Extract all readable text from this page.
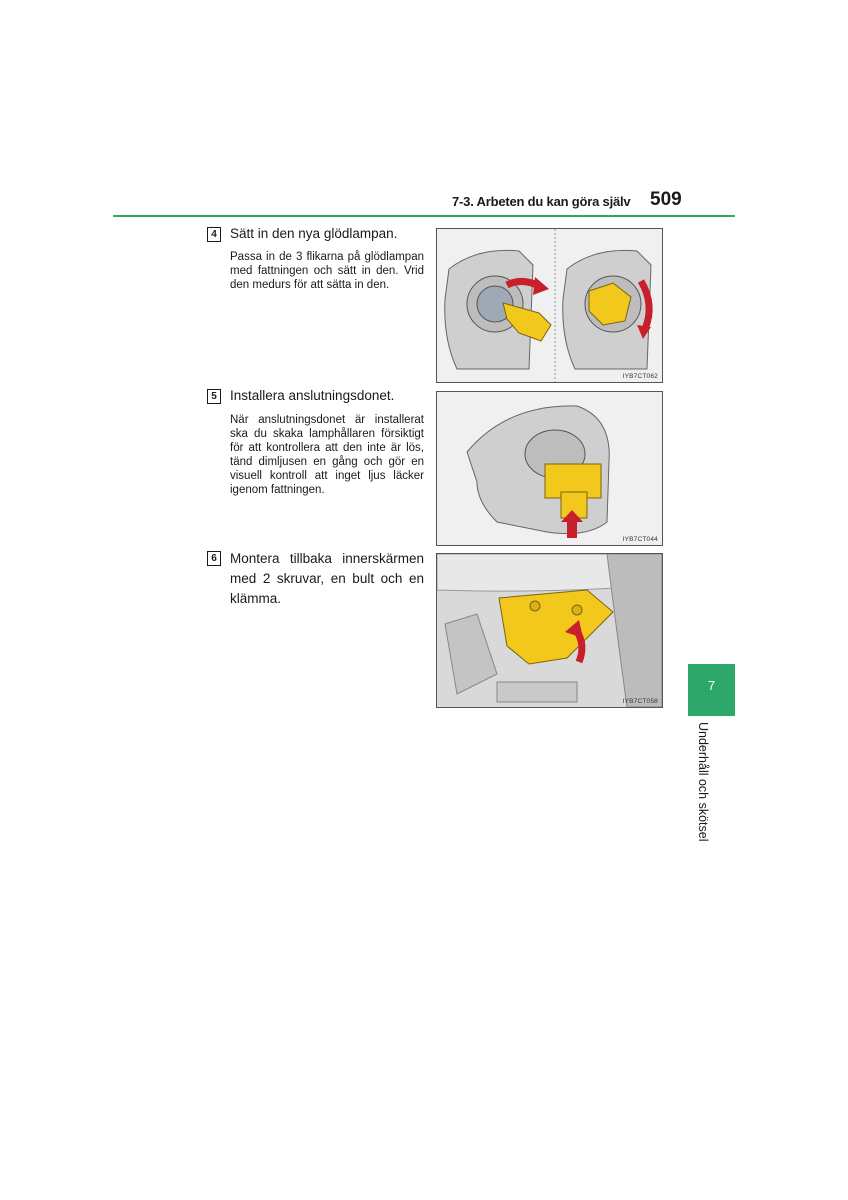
7-3. Arbeten du kan göra själv 509
4 Sätt in den nya glödlampan.
Passa in de 3 flikarna på glödlampan med fattningen och sätt in den. Vrid den medurs för att sätta in den.
IYB7CT062
5 Installera anslutningsdonet.
När anslutningsdonet är installerat ska du skaka lamphållaren försiktigt för att kontrollera att den inte är lös, tänd dimljusen en gång och gör en visuell kontroll att inget ljus läcker igenom fattningen.
IYB7CT044
6 Montera tillbaka innerskärmen med 2 skruvar, en bult och en klämma.
IYB7CT058
7
Underhåll och skötsel
